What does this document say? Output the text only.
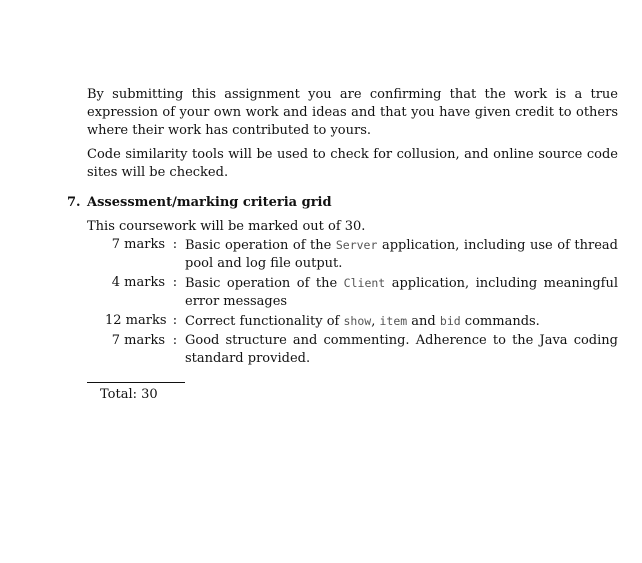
By submitting this assignment you are confirming that the work is a true expression of your own work and ideas and that you have given credit to others where their work has contributed to yours.

Code similarity tools will be used to check for collusion, and online source code sites will be checked.

7. Assessment/marking criteria grid

This coursework will be marked out of 30.

7 marks : Basic operation of the Server application, including use of thread pool and log file output.
4 marks : Basic operation of the Client application, including meaningful error messages
12 marks : Correct functionality of show, item and bid commands.
7 marks : Good structure and commenting. Adherence to the Java coding standard provided.

Total: 30
